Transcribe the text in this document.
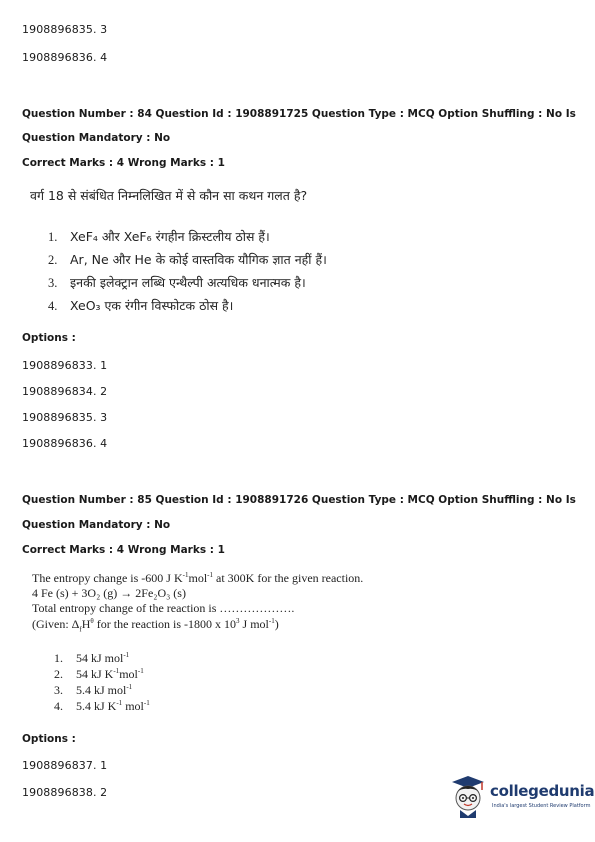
1908896835. 3
1908896836. 4
Question Number : 84 Question Id : 1908891725 Question Type : MCQ Option Shuffling : No Is
Question Mandatory : No
Correct Marks : 4 Wrong Marks : 1
वर्ग 18 से संबंधित निम्नलिखित में से कौन सा कथन गलत है?
1. XeF₄ और XeF₆ रंगहीन क्रिस्टलीय ठोस हैं।
2. Ar, Ne और He के कोई वास्तविक यौगिक ज्ञात नहीं हैं।
3. इनकी इलेक्ट्रान लब्धि एन्थैल्पी अत्यधिक धनात्मक है।
4. XeO₃ एक रंगीन विस्फोटक ठोस है।
Options :
1908896833. 1
1908896834. 2
1908896835. 3
1908896836. 4
Question Number : 85 Question Id : 1908891726 Question Type : MCQ Option Shuffling : No Is
Question Mandatory : No
Correct Marks : 4 Wrong Marks : 1
The entropy change is -600 J $K^{-1}mol^{-1}$ at 300K for the given reaction.
4 Fe (s) + 3O₂ (g) → 2Fe₂O₃ (s)
Total entropy change of the reaction is ……………….
(Given: $\Delta_fH^\theta$ for the reaction is -1800 x $10^3$ J mol$^{-1}$)
1. 54 kJ mol$^{-1}$
2. 54 kJ $K^{-1}mol^{-1}$
3. 5.4 kJ mol$^{-1}$
4. 5.4 kJ $K^{-1}$ mol$^{-1}$
Options :
1908896837. 1
1908896838. 2	collegedunia
India's largest Student Review Platform
